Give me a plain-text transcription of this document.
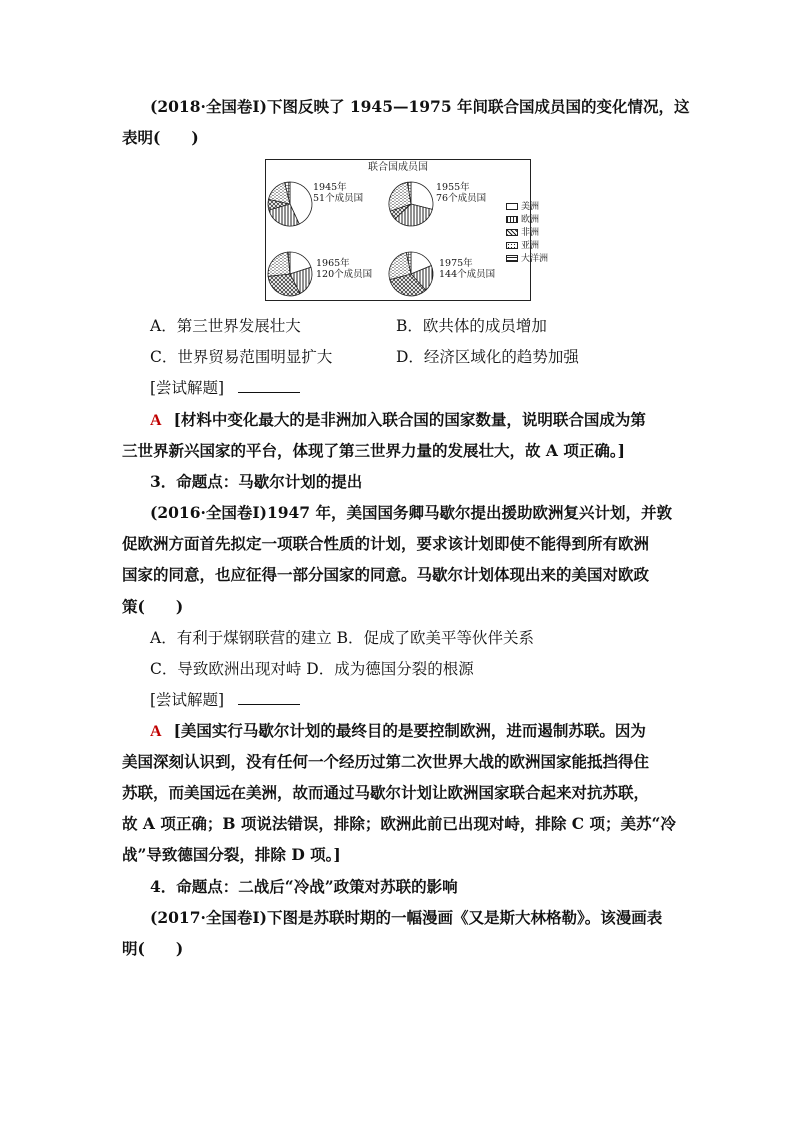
(2018·全国卷Ⅰ)下图反映了 1945—1975 年间联合国成员国的变化情况，这
表明(　　)
联合国成员国
1945年
51个成员国
1955年
76个成员国
1965年
120个成员国
1975年
144个成员国
美洲
欧洲
非洲
亚洲
大洋洲
A．第三世界发展壮大	B．欧共体的成员增加
C．世界贸易范围明显扩大	D．经济区域化的趋势加强
[尝试解题]
A [材料中变化最大的是非洲加入联合国的国家数量，说明联合国成为第
三世界新兴国家的平台，体现了第三世界力量的发展壮大，故 A 项正确。]
3．命题点：马歇尔计划的提出
(2016·全国卷Ⅰ)1947 年，美国国务卿马歇尔提出援助欧洲复兴计划，并敦
促欧洲方面首先拟定一项联合性质的计划，要求该计划即使不能得到所有欧洲
国家的同意，也应征得一部分国家的同意。马歇尔计划体现出来的美国对欧政
策(　　)
A．有利于煤钢联营的建立 B．促成了欧美平等伙伴关系
C．导致欧洲出现对峙 D．成为德国分裂的根源
[尝试解题]
A [美国实行马歇尔计划的最终目的是要控制欧洲，进而遏制苏联。因为
美国深刻认识到，没有任何一个经历过第二次世界大战的欧洲国家能抵挡得住
苏联，而美国远在美洲，故而通过马歇尔计划让欧洲国家联合起来对抗苏联，
故 A 项正确；B 项说法错误，排除；欧洲此前已出现对峙，排除 C 项；美苏“冷
战”导致德国分裂，排除 D 项。]
4．命题点：二战后“冷战”政策对苏联的影响
(2017·全国卷Ⅰ)下图是苏联时期的一幅漫画《又是斯大林格勒》。该漫画表
明(　　)
